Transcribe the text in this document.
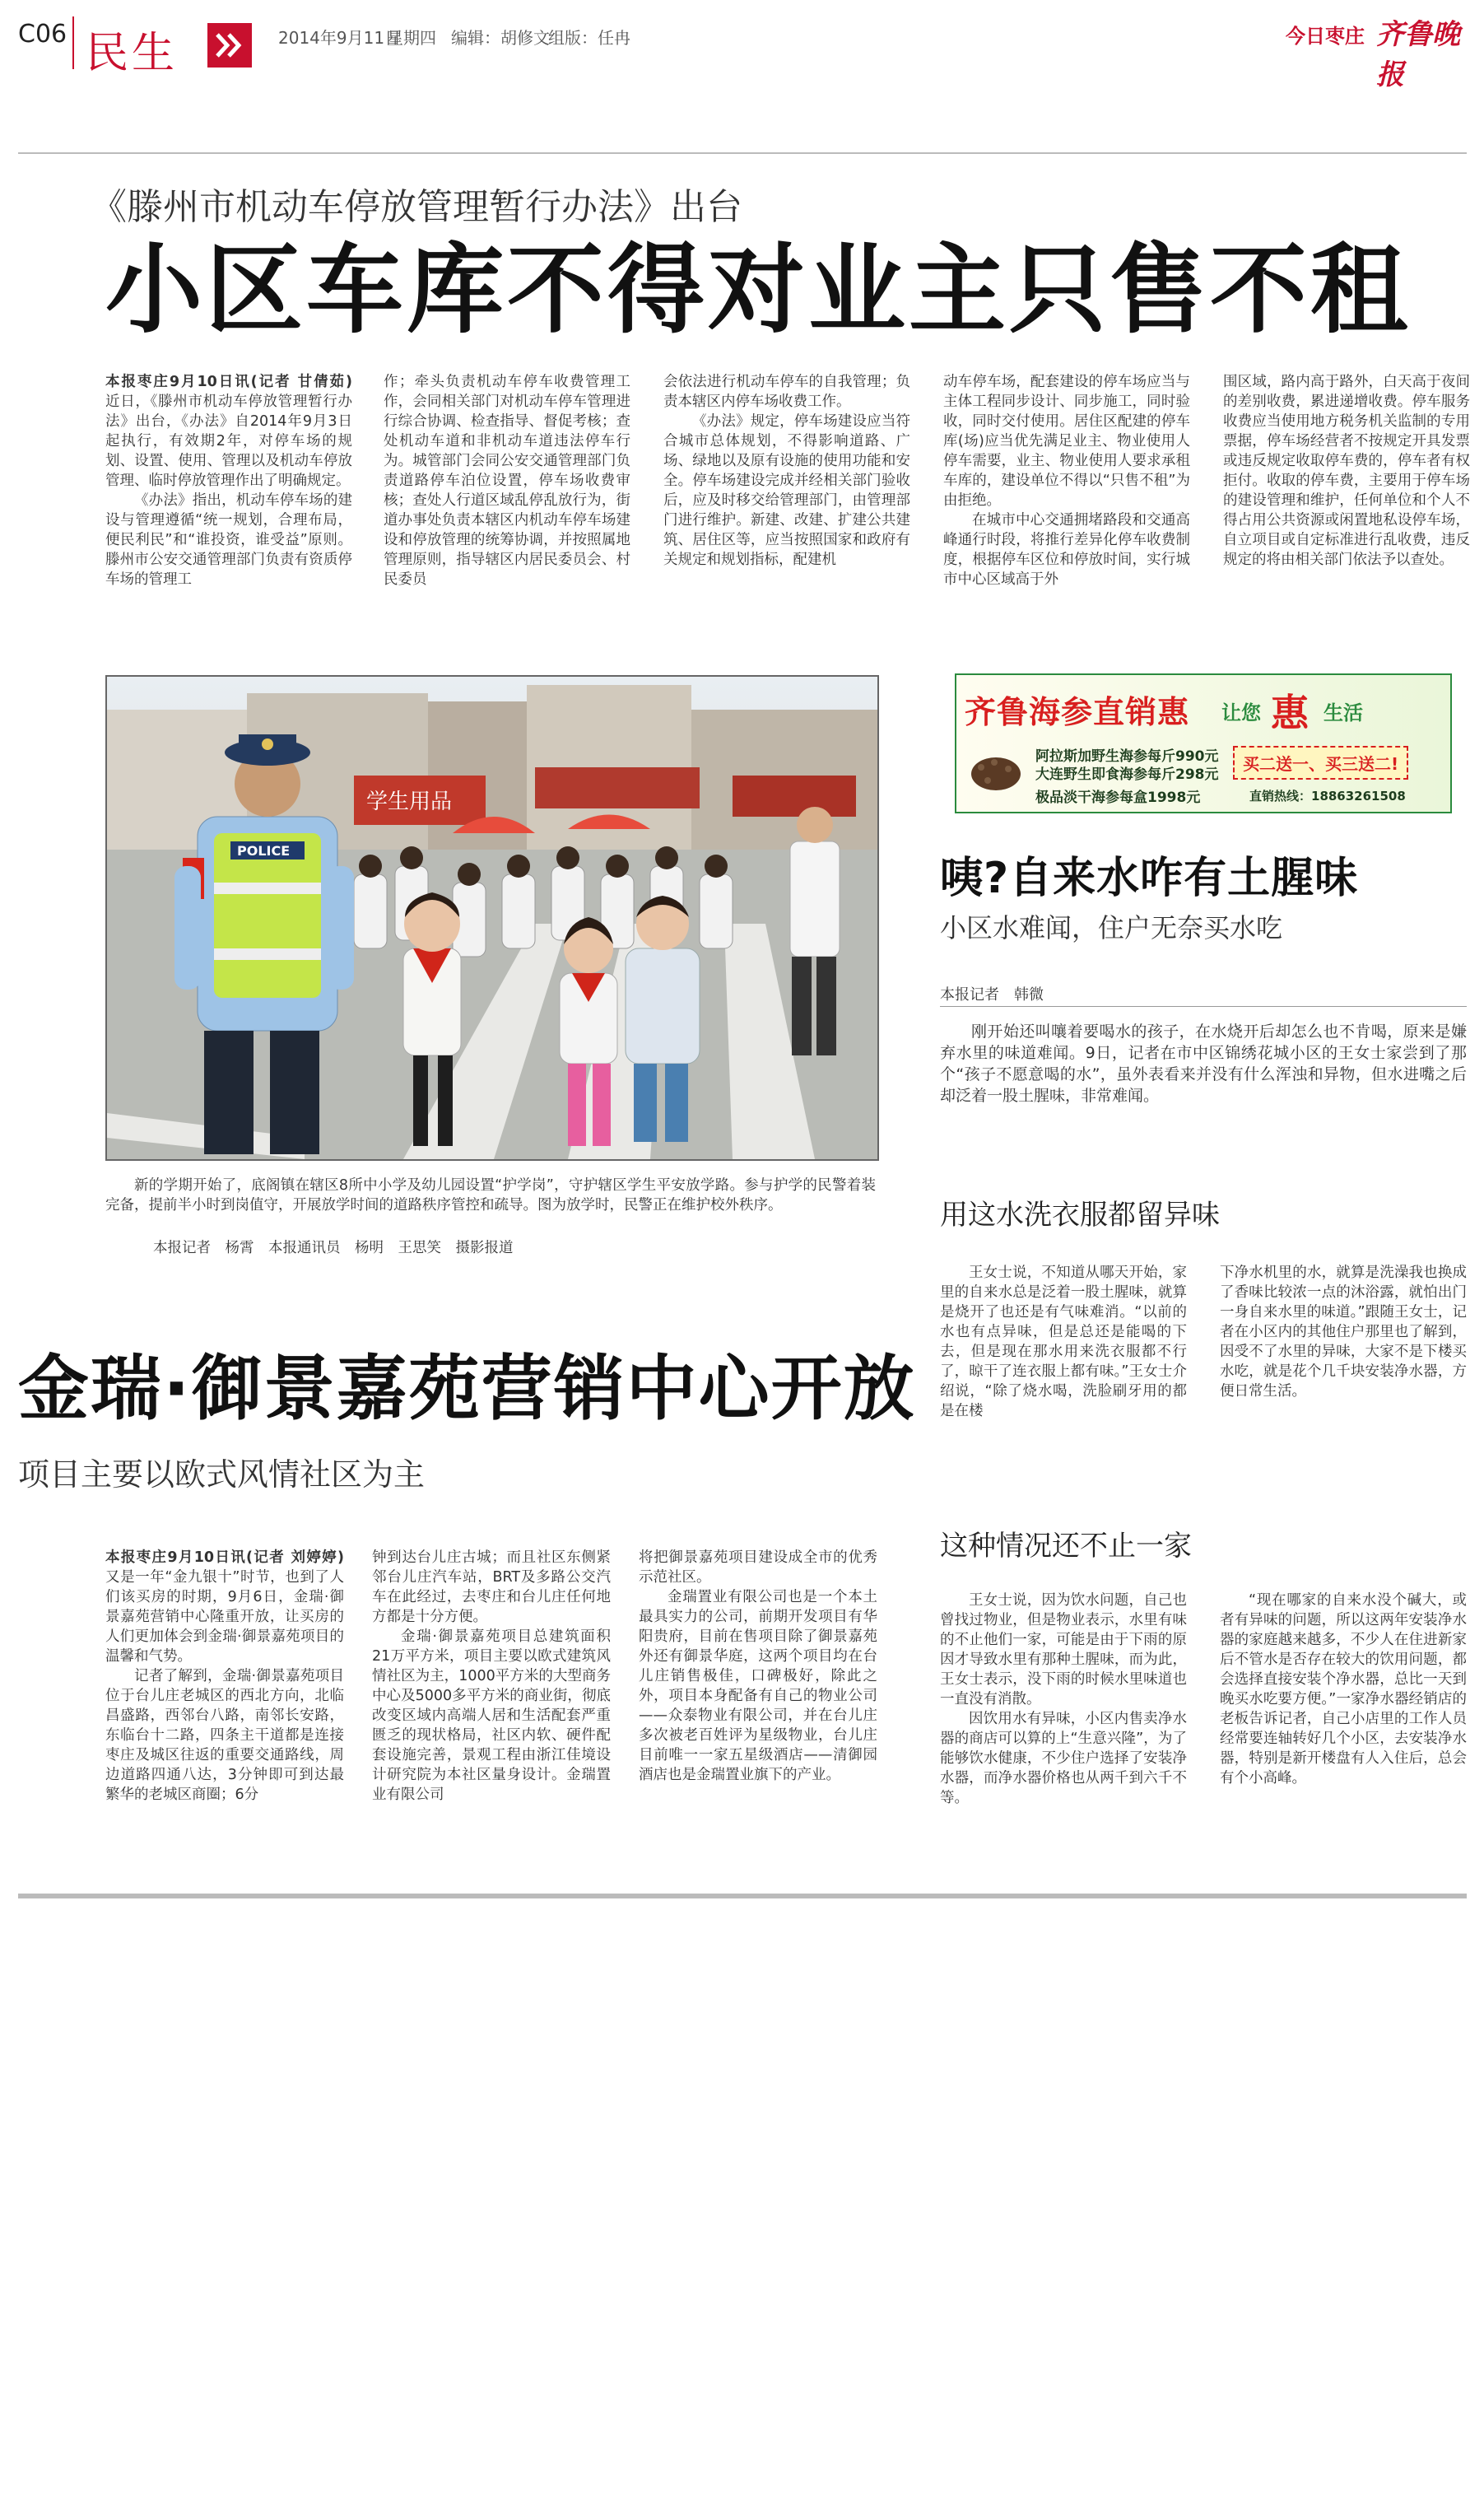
C06 民生	2014年9月11日
星期四 编辑：胡修文
组版：任冉	今日枣庄 齐鲁晚报
《滕州市机动车停放管理暂行办法》出台
小区车库不得对业主只售不租

本报枣庄9月10日讯(记者 甘倩茹)　近日，《滕州市机动车停放管理暂行办法》出台，《办法》自2014年9月3日起执行，有效期2年，对停车场的规划、设置、使用、管理以及机动车停放管理、临时停放管理作出了明确规定。

《办法》指出，机动车停车场的建设与管理遵循“统一规划，合理布局，便民利民”和“谁投资，谁受益”原则。滕州市公安交通管理部门负责有资质停车场的管理工

作；牵头负责机动车停车收费管理工作，会同相关部门对机动车停车管理进行综合协调、检查指导、督促考核；查处机动车道和非机动车道违法停车行为。城管部门会同公安交通管理部门负责道路停车泊位设置，停车场收费审核；查处人行道区域乱停乱放行为，街道办事处负责本辖区内机动车停车场建设和停放管理的统筹协调，并按照属地管理原则，指导辖区内居民委员会、村民委员

会依法进行机动车停车的自我管理；负责本辖区内停车场收费工作。

《办法》规定，停车场建设应当符合城市总体规划，不得影响道路、广场、绿地以及原有设施的使用功能和安全。停车场建设完成并经相关部门验收后，应及时移交给管理部门，由管理部门进行维护。新建、改建、扩建公共建筑、居住区等，应当按照国家和政府有关规定和规划指标，配建机

动车停车场，配套建设的停车场应当与主体工程同步设计、同步施工，同时验收，同时交付使用。居住区配建的停车库(场)应当优先满足业主、物业使用人停车需要，业主、物业使用人要求承租车库的，建设单位不得以“只售不租”为由拒绝。

在城市中心交通拥堵路段和交通高峰通行时段，将推行差异化停车收费制度，根据停车区位和停放时间，实行城市中心区域高于外

围区域，路内高于路外，白天高于夜间的差别收费，累进递增收费。停车服务收费应当使用地方税务机关监制的专用票据，停车场经营者不按规定开具发票或违反规定收取停车费的，停车者有权拒付。收取的停车费，主要用于停车场的建设管理和维护，任何单位和个人不得占用公共资源或闲置地私设停车场，自立项目或自定标准进行乱收费，违反规定的将由相关部门依法予以查处。

学生用品
POLICE

新的学期开始了，底阁镇在辖区8所中小学及幼儿园设置“护学岗”，守护辖区学生平安放学路。参与护学的民警着装完备，提前半小时到岗值守，开展放学时间的道路秩序管控和疏导。图为放学时，民警正在维护校外秩序。

本报记者　杨霄　本报通讯员　杨明　王思笑　摄影报道
齐鲁海参直销惠 让您 惠 生活
阿拉斯加野生海参每斤990元
大连野生即食海参每斤298元
买二送一、买三送二!
极品淡干海参每盒1998元	直销热线：18863261508
咦?自来水咋有土腥味
小区水难闻，住户无奈买水吃
本报记者　韩微

刚开始还叫嚷着要喝水的孩子，在水烧开后却怎么也不肯喝，原来是嫌弃水里的味道难闻。9日，记者在市中区锦绣花城小区的王女士家尝到了那个“孩子不愿意喝的水”，虽外表看来并没有什么浑浊和异物，但水进嘴之后却泛着一股土腥味，非常难闻。

用这水洗衣服都留异味

王女士说，不知道从哪天开始，家里的自来水总是泛着一股土腥味，就算是烧开了也还是有气味难消。“以前的水也有点异味，但是总还是能喝的下去，但是现在那水用来洗衣服都不行了，晾干了连衣服上都有味。”王女士介绍说，“除了烧水喝，洗脸刷牙用的都是在楼

下净水机里的水，就算是洗澡我也换成了香味比较浓一点的沐浴露，就怕出门一身自来水里的味道。”跟随王女士，记者在小区内的其他住户那里也了解到，因受不了水里的异味，大家不是下楼买水吃，就是花个几千块安装净水器，方便日常生活。

这种情况还不止一家

王女士说，因为饮水问题，自己也曾找过物业，但是物业表示，水里有味的不止他们一家，可能是由于下雨的原因才导致水里有那种土腥味，而为此，王女士表示，没下雨的时候水里味道也一直没有消散。

因饮用水有异味，小区内售卖净水器的商店可以算的上“生意兴隆”，为了能够饮水健康，不少住户选择了安装净水器，而净水器价格也从两千到六千不等。

“现在哪家的自来水没个碱大，或者有异味的问题，所以这两年安装净水器的家庭越来越多，不少人在住进新家后不管水是否存在较大的饮用问题，都会选择直接安装个净水器，总比一天到晚买水吃要方便。”一家净水器经销店的老板告诉记者，自己小店里的工作人员经常要连轴转好几个小区，去安装净水器，特别是新开楼盘有人入住后，总会有个小高峰。

金瑞·御景嘉苑营销中心开放
项目主要以欧式风情社区为主

本报枣庄9月10日讯(记者 刘婷婷)　又是一年“金九银十”时节，也到了人们该买房的时期，9月6日，金瑞·御景嘉苑营销中心隆重开放，让买房的人们更加体会到金瑞·御景嘉苑项目的温馨和气势。

记者了解到，金瑞·御景嘉苑项目位于台儿庄老城区的西北方向，北临昌盛路，西邻台八路，南邻长安路，东临台十二路，四条主干道都是连接枣庄及城区往返的重要交通路线，周边道路四通八达，3分钟即可到达最繁华的老城区商圈；6分

钟到达台儿庄古城；而且社区东侧紧邻台儿庄汽车站，BRT及多路公交汽车在此经过，去枣庄和台儿庄任何地方都是十分方便。

金瑞·御景嘉苑项目总建筑面积21万平方米，项目主要以欧式建筑风情社区为主，1000平方米的大型商务中心及5000多平方米的商业街，彻底改变区域内高端人居和生活配套严重匮乏的现状格局，社区内软、硬件配套设施完善，景观工程由浙江佳境设计研究院为本社区量身设计。金瑞置业有限公司

将把御景嘉苑项目建设成全市的优秀示范社区。

金瑞置业有限公司也是一个本土最具实力的公司，前期开发项目有华阳贵府，目前在售项目除了御景嘉苑外还有御景华庭，这两个项目均在台儿庄销售极佳，口碑极好，除此之外，项目本身配备有自己的物业公司——众泰物业有限公司，并在台儿庄多次被老百姓评为星级物业，台儿庄目前唯一一家五星级酒店——清御园酒店也是金瑞置业旗下的产业。
